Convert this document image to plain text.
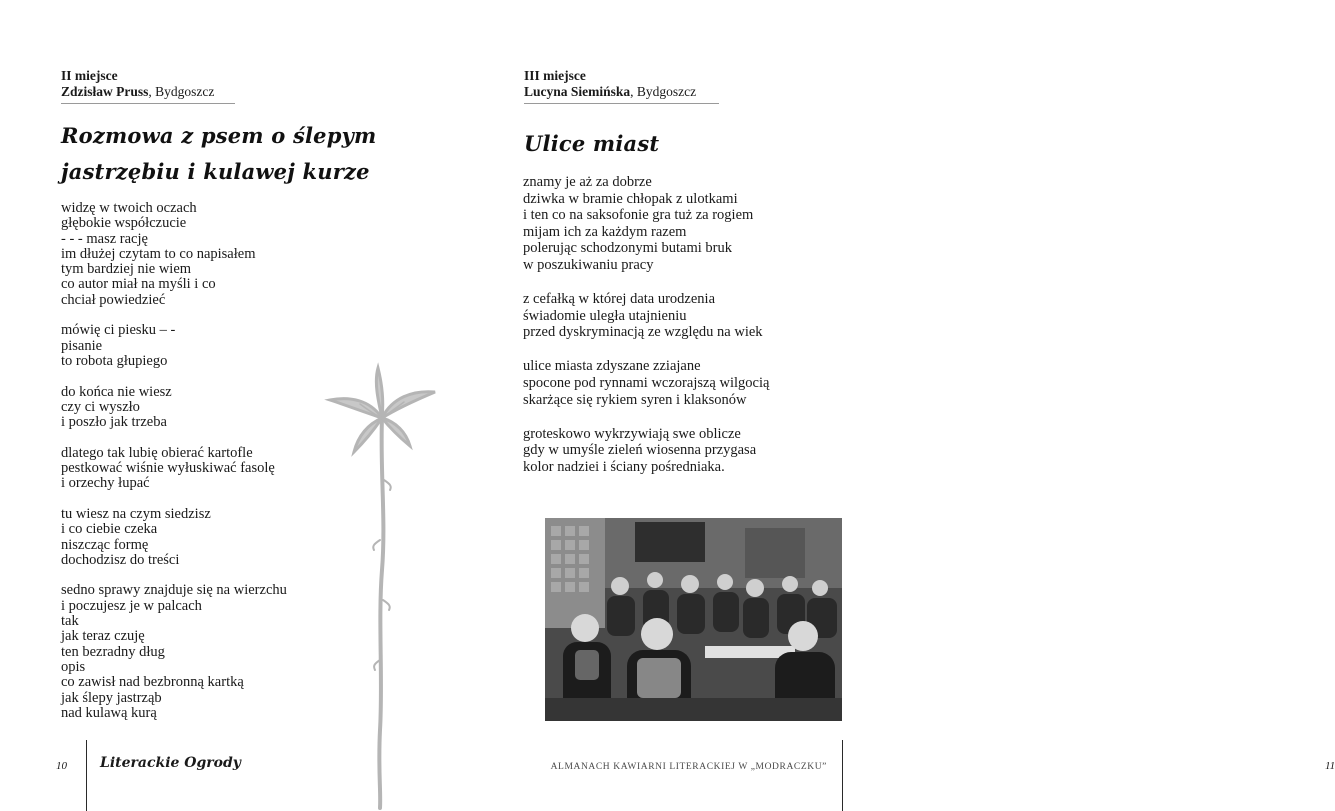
II miejsce
Zdzisław Pruss, Bydgoszcz
Rozmowa z psem o ślepym
jastrzębiu i kulawej kurze
widzę w twoich oczach
głębokie współczucie
- - - masz rację
im dłużej czytam to co napisałem
tym bardziej nie wiem
co autor miał na myśli i co
chciał powiedzieć
mówię ci piesku – -
pisanie
to robota głupiego
do końca nie wiesz
czy ci wyszło
i poszło jak trzeba
dlatego tak lubię obierać kartofle
pestkować wiśnie wyłuskiwać fasolę
i orzechy łupać
tu wiesz na czym siedzisz
i co ciebie czeka
niszcząc formę
dochodzisz do treści
sedno sprawy znajduje się na wierzchu
i poczujesz je w palcach
tak
jak teraz czuję
ten bezradny dług
opis
co zawisł nad bezbronną kartką
jak ślepy jastrząb
nad kulawą kurą
10 Literackie Ogrody
III miejsce
Lucyna Siemińska, Bydgoszcz
Ulice miast
znamy je aż za dobrze
dziwka w bramie chłopak z ulotkami
i ten co na saksofonie gra tuż za rogiem
mijam ich za każdym razem
polerując schodzonymi butami bruk
w poszukiwaniu pracy
z cefałką w której data urodzenia
świadomie uległa utajnieniu
przed dyskryminacją ze względu na wiek
ulice miasta zdyszane zziajane
spocone pod rynnami wczorajszą wilgocią
skarżące się rykiem syren i klaksonów
groteskowo wykrzywiają swe oblicze
gdy w umyśle zieleń wiosenna przygasa
kolor nadziei i ściany pośredniaka.
ALMANACH KAWIARNI LITERACKIEJ W „MODRACZKU”	11
